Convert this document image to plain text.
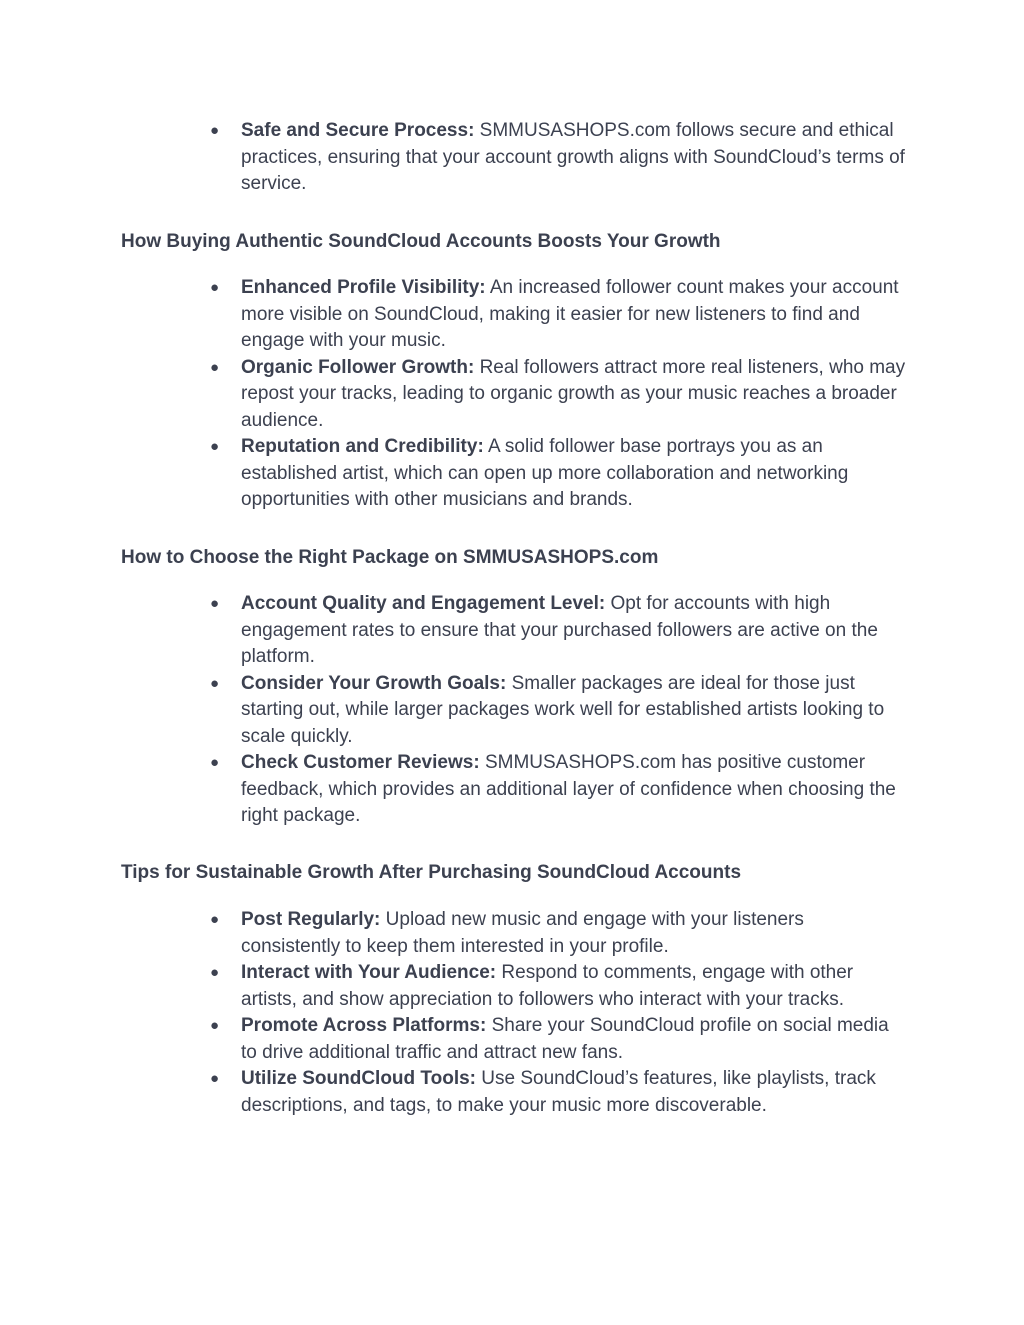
● Safe and Secure Process: SMMUSASHOPS.com follows secure and ethical practices, ensuring that your account growth aligns with SoundCloud’s terms of service.
How Buying Authentic SoundCloud Accounts Boosts Your Growth
● Enhanced Profile Visibility: An increased follower count makes your account more visible on SoundCloud, making it easier for new listeners to find and engage with your music.
● Organic Follower Growth: Real followers attract more real listeners, who may repost your tracks, leading to organic growth as your music reaches a broader audience.
● Reputation and Credibility: A solid follower base portrays you as an established artist, which can open up more collaboration and networking opportunities with other musicians and brands.
How to Choose the Right Package on SMMUSASHOPS.com
● Account Quality and Engagement Level: Opt for accounts with high engagement rates to ensure that your purchased followers are active on the platform.
● Consider Your Growth Goals: Smaller packages are ideal for those just starting out, while larger packages work well for established artists looking to scale quickly.
● Check Customer Reviews: SMMUSASHOPS.com has positive customer feedback, which provides an additional layer of confidence when choosing the right package.
Tips for Sustainable Growth After Purchasing SoundCloud Accounts
● Post Regularly: Upload new music and engage with your listeners consistently to keep them interested in your profile.
● Interact with Your Audience: Respond to comments, engage with other artists, and show appreciation to followers who interact with your tracks.
● Promote Across Platforms: Share your SoundCloud profile on social media to drive additional traffic and attract new fans.
● Utilize SoundCloud Tools: Use SoundCloud’s features, like playlists, track descriptions, and tags, to make your music more discoverable.
